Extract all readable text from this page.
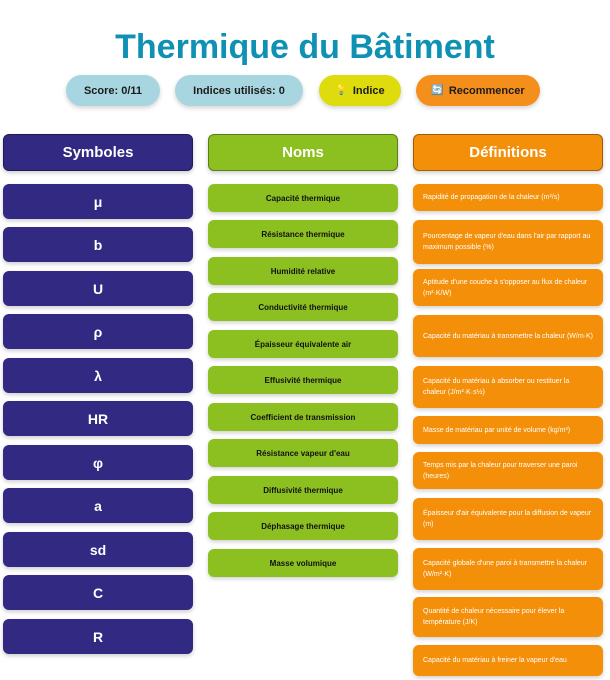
Thermique du Bâtiment
Score: 0/11	Indices utilisés: 0	💡 Indice	🔄 Recommencer
Symboles
μ
b
U
ρ
λ
HR
φ
a
sd
C
R
Noms
Capacité thermique
Résistance thermique
Humidité relative
Conductivité thermique
Épaisseur équivalente air
Effusivité thermique
Coefficient de transmission
Résistance vapeur d'eau
Diffusivité thermique
Déphasage thermique
Masse volumique
Définitions
Rapidité de propagation de la chaleur (m²/s)
Pourcentage de vapeur d'eau dans l'air par rapport au maximum possible (%)
Aptitude d'une couche à s'opposer au flux de chaleur (m²·K/W)
Capacité du matériau à transmettre la chaleur (W/m·K)
Capacité du matériau à absorber ou restituer la chaleur (J/m²·K·s½)
Masse de matériau par unité de volume (kg/m³)
Temps mis par la chaleur pour traverser une paroi (heures)
Épaisseur d'air équivalente pour la diffusion de vapeur (m)
Capacité globale d'une paroi à transmettre la chaleur (W/m²·K)
Quantité de chaleur nécessaire pour élever la température (J/K)
Capacité du matériau à freiner la vapeur d'eau
